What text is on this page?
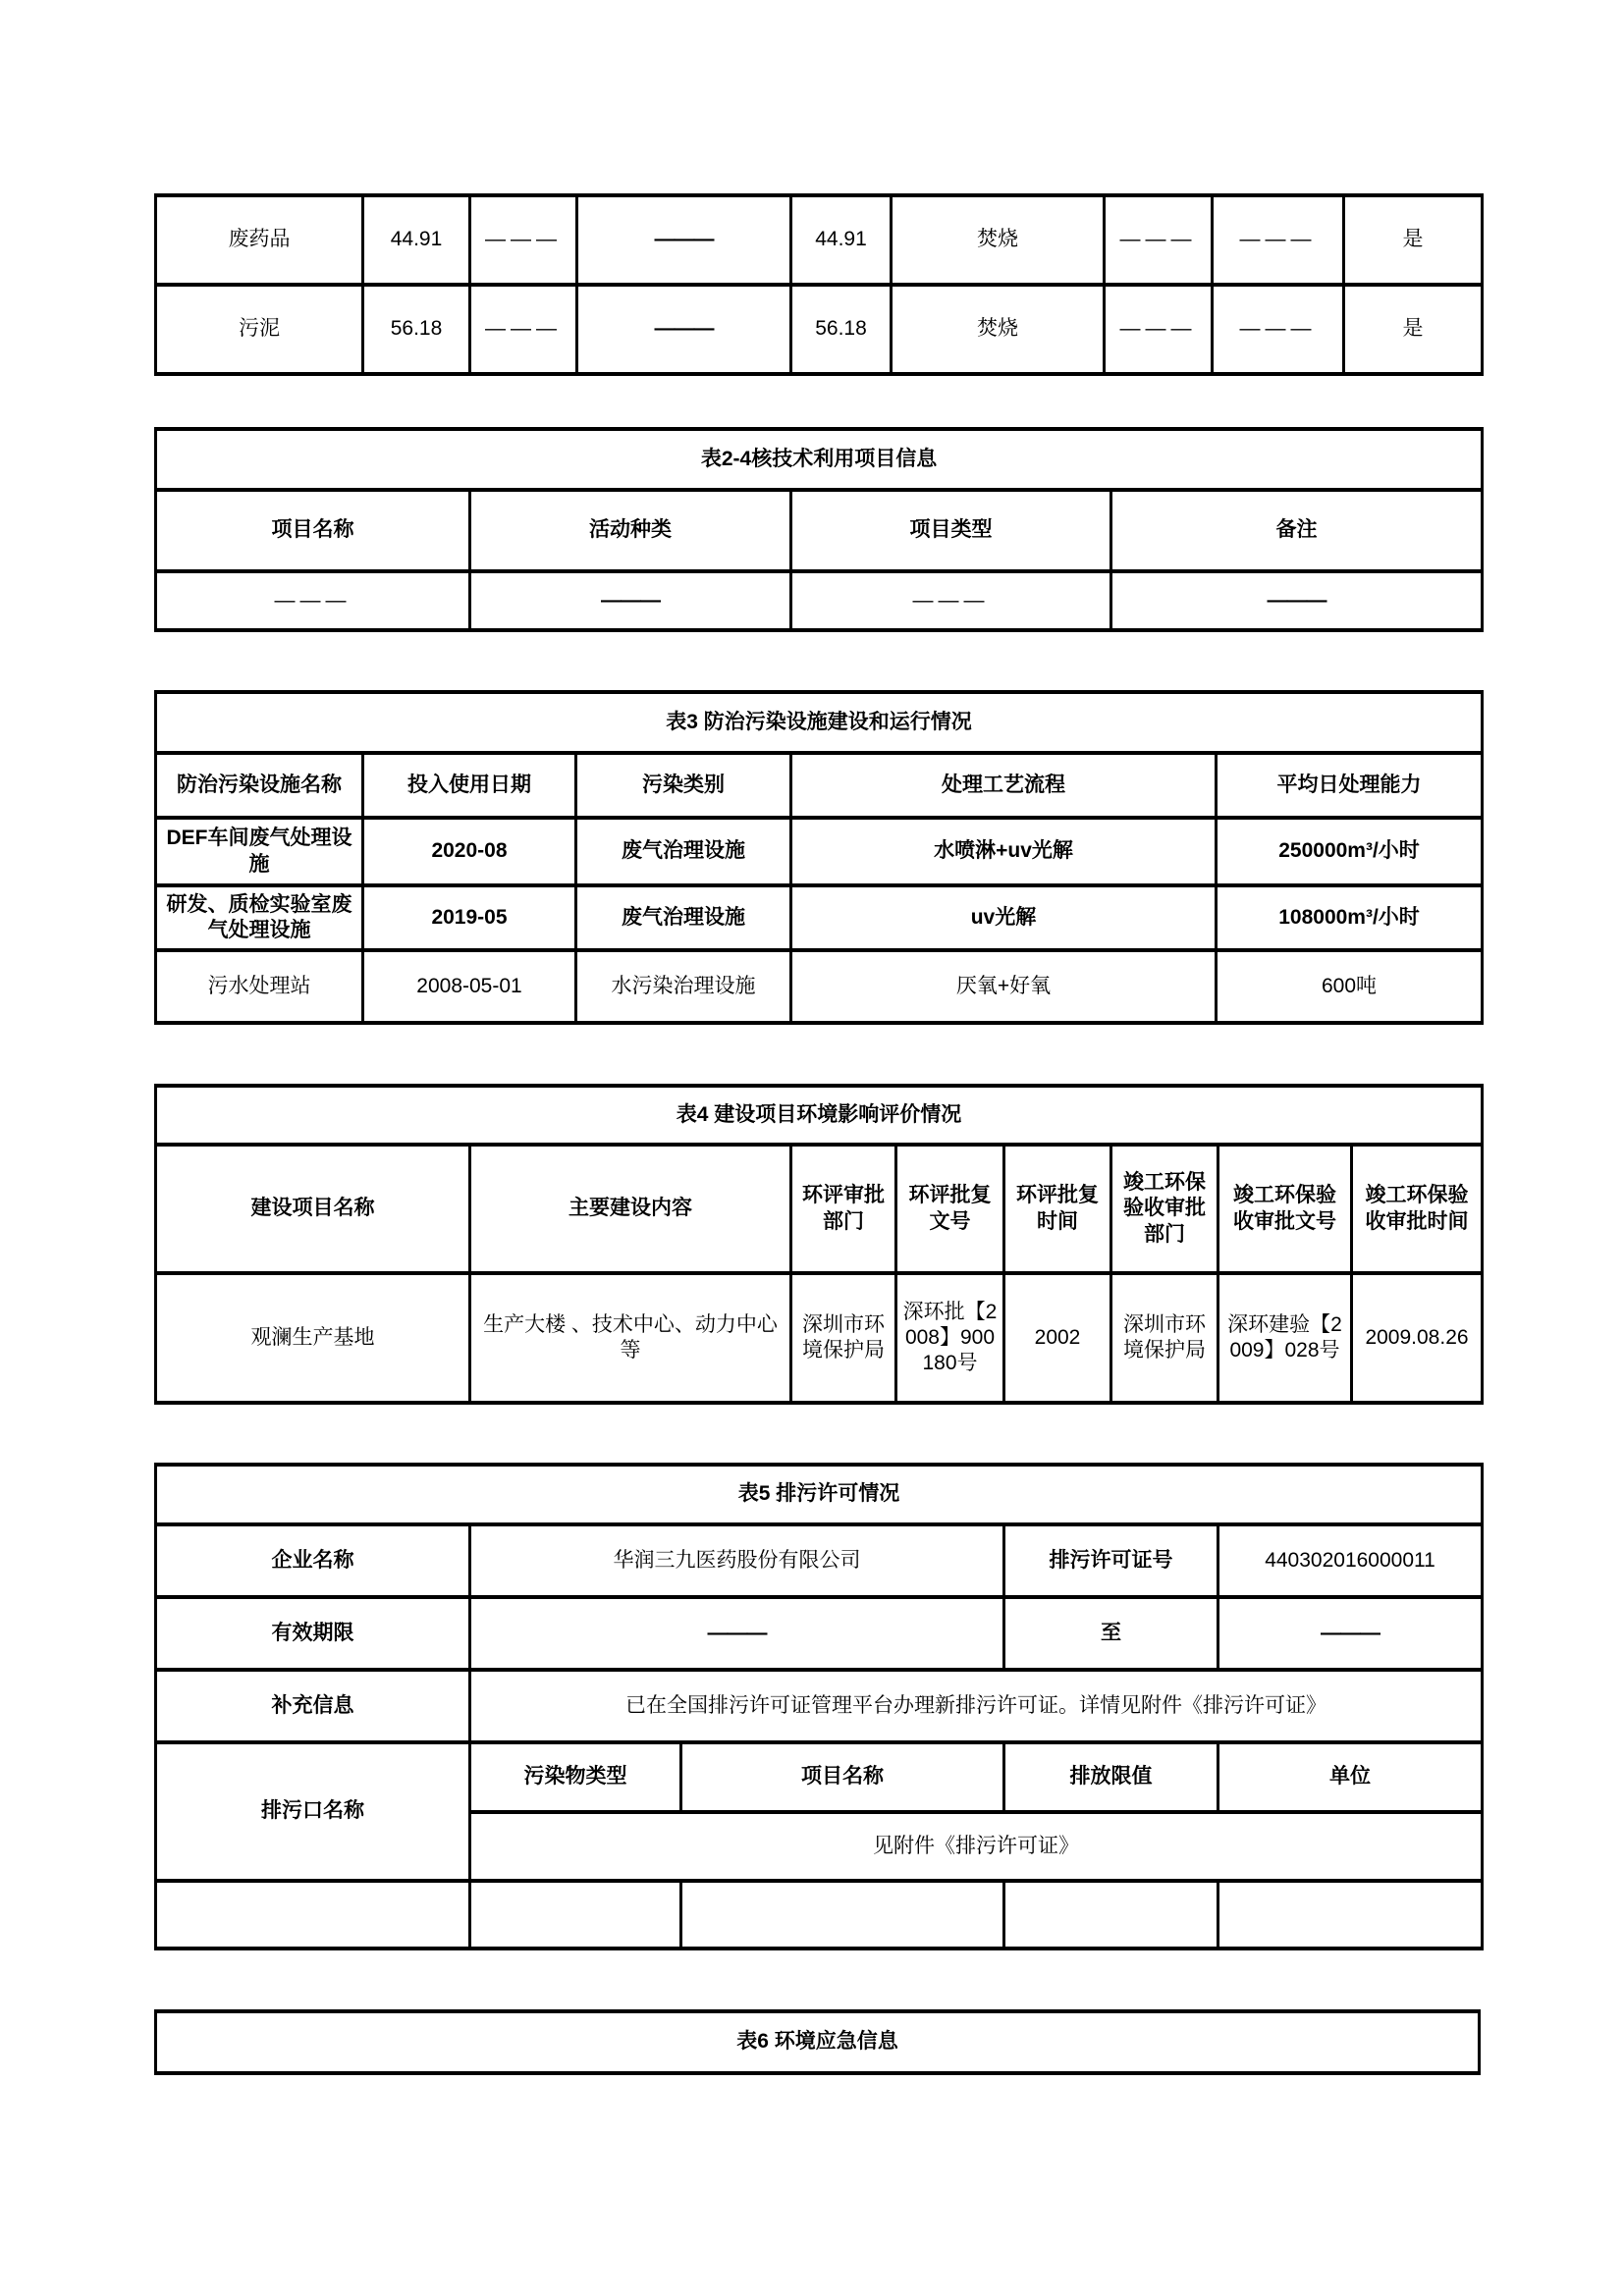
废药品	44.91	———	———	44.91	焚烧	———	———	是
污泥	56.18	———	———	56.18	焚烧	———	———	是
表2-4核技术利用项目信息			
项目名称	活动种类	项目类型	备注
———	———	———	———
表3 防治污染设施建设和运行情况				
防治污染设施名称	投入使用日期	污染类别	处理工艺流程	平均日处理能力
DEF车间废气处理设施	2020-08	废气治理设施	水喷淋+uv光解	250000m³/小时
研发、质检实验室废气处理设施	2019-05	废气治理设施	uv光解	108000m³/小时
污水处理站	2008-05-01	水污染治理设施	厌氧+好氧	600吨
表4 建设项目环境影响评价情况							
建设项目名称	主要建设内容	环评审批部门	环评批复文号	环评批复时间	竣工环保验收审批部门	竣工环保验收审批文号	竣工环保验收审批时间
观澜生产基地	生产大楼 、技术中心、动力中心等	深圳市环境保护局	深环批【2008】900180号	2002	深圳市环境保护局	深环建验【2009】028号	2009.08.26
表5 排污许可情况				
企业名称	华润三九医药股份有限公司		排污许可证号	440302016000011
有效期限	———		至	———
补充信息	已在全国排污许可证管理平台办理新排污许可证。详情见附件《排污许可证》			
排污口名称	污染物类型	项目名称	排放限值	单位
	见附件《排污许可证》			

表6 环境应急信息
